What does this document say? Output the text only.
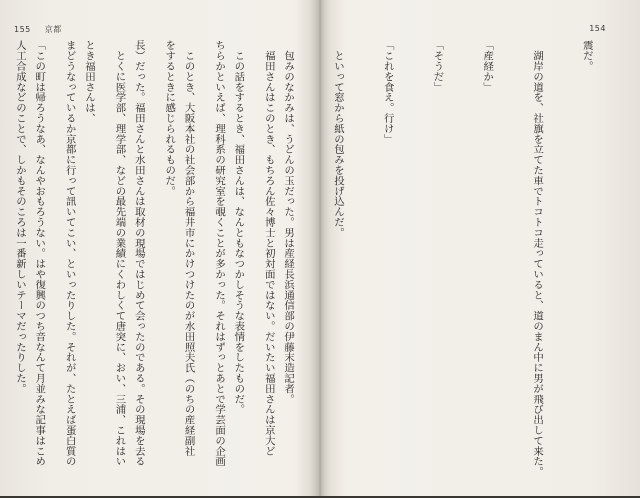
155 京都

　福田さんはこのとき、もちろん佐々博士と初対面ではない。だいたい福田さんは京大ど

ちらかといえば、理科系の研究室を覗くことが多かった。それはずっとあとで学芸面の企画

をするときに感じられるものだ。

　とくに医学部、理学部、などの最先端の業績にくわしくて唐突に、おい、三浦、これはい

まどうなっているか京都に行って訊いてこい、といったりした。それが、たとえば蛋白質の

人工合成などのことで、しかもそのころは一番新しいテーマだったりした。

154

震だ。

　湖岸の道を、社旗を立てた車でトコトコ走っていると、道のまん中に男が飛び出して来た。

「産経か」

「そうだ」

「これを食え。行け」

　といって窓から紙の包みを投げ込んだ。

　包みのなかみは、うどんの玉だった。男は産経長浜通信部の伊藤末造記者。

　この話をするとき、福田さんは、なんともなつかしそうな表情をしたものだ。

　このとき、大阪本社の社会部から福井市にかけつけたのが水田照夫氏（のちの産経副社

長）だった。福田さんと水田さんは取材の現場ではじめて会ったのである。その現場を去る

とき福田さんは、

「この町は帰ろうなあ、なんやおもろうない。はや復興のつち音なんて月並みな記事はこめ
